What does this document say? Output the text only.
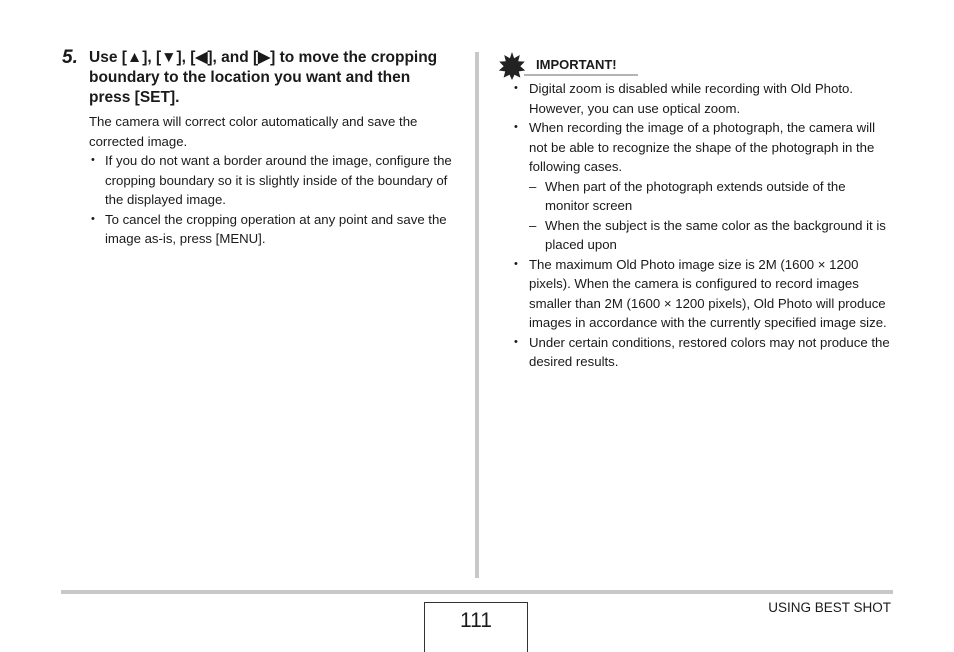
5. Use [▲], [▼], [◀], and [▶] to move the cropping boundary to the location you want and then press [SET].

The camera will correct color automatically and save the corrected image.

• If you do not want a border around the image, configure the cropping boundary so it is slightly inside of the boundary of the displayed image.
• To cancel the cropping operation at any point and save the image as-is, press [MENU].
IMPORTANT!
• Digital zoom is disabled while recording with Old Photo. However, you can use optical zoom.
• When recording the image of a photograph, the camera will not be able to recognize the shape of the photograph in the following cases.
– When part of the photograph extends outside of the monitor screen
– When the subject is the same color as the background it is placed upon
• The maximum Old Photo image size is 2M (1600 × 1200 pixels). When the camera is configured to record images smaller than 2M (1600 × 1200 pixels), Old Photo will produce images in accordance with the currently specified image size.
• Under certain conditions, restored colors may not produce the desired results.
111
USING BEST SHOT
